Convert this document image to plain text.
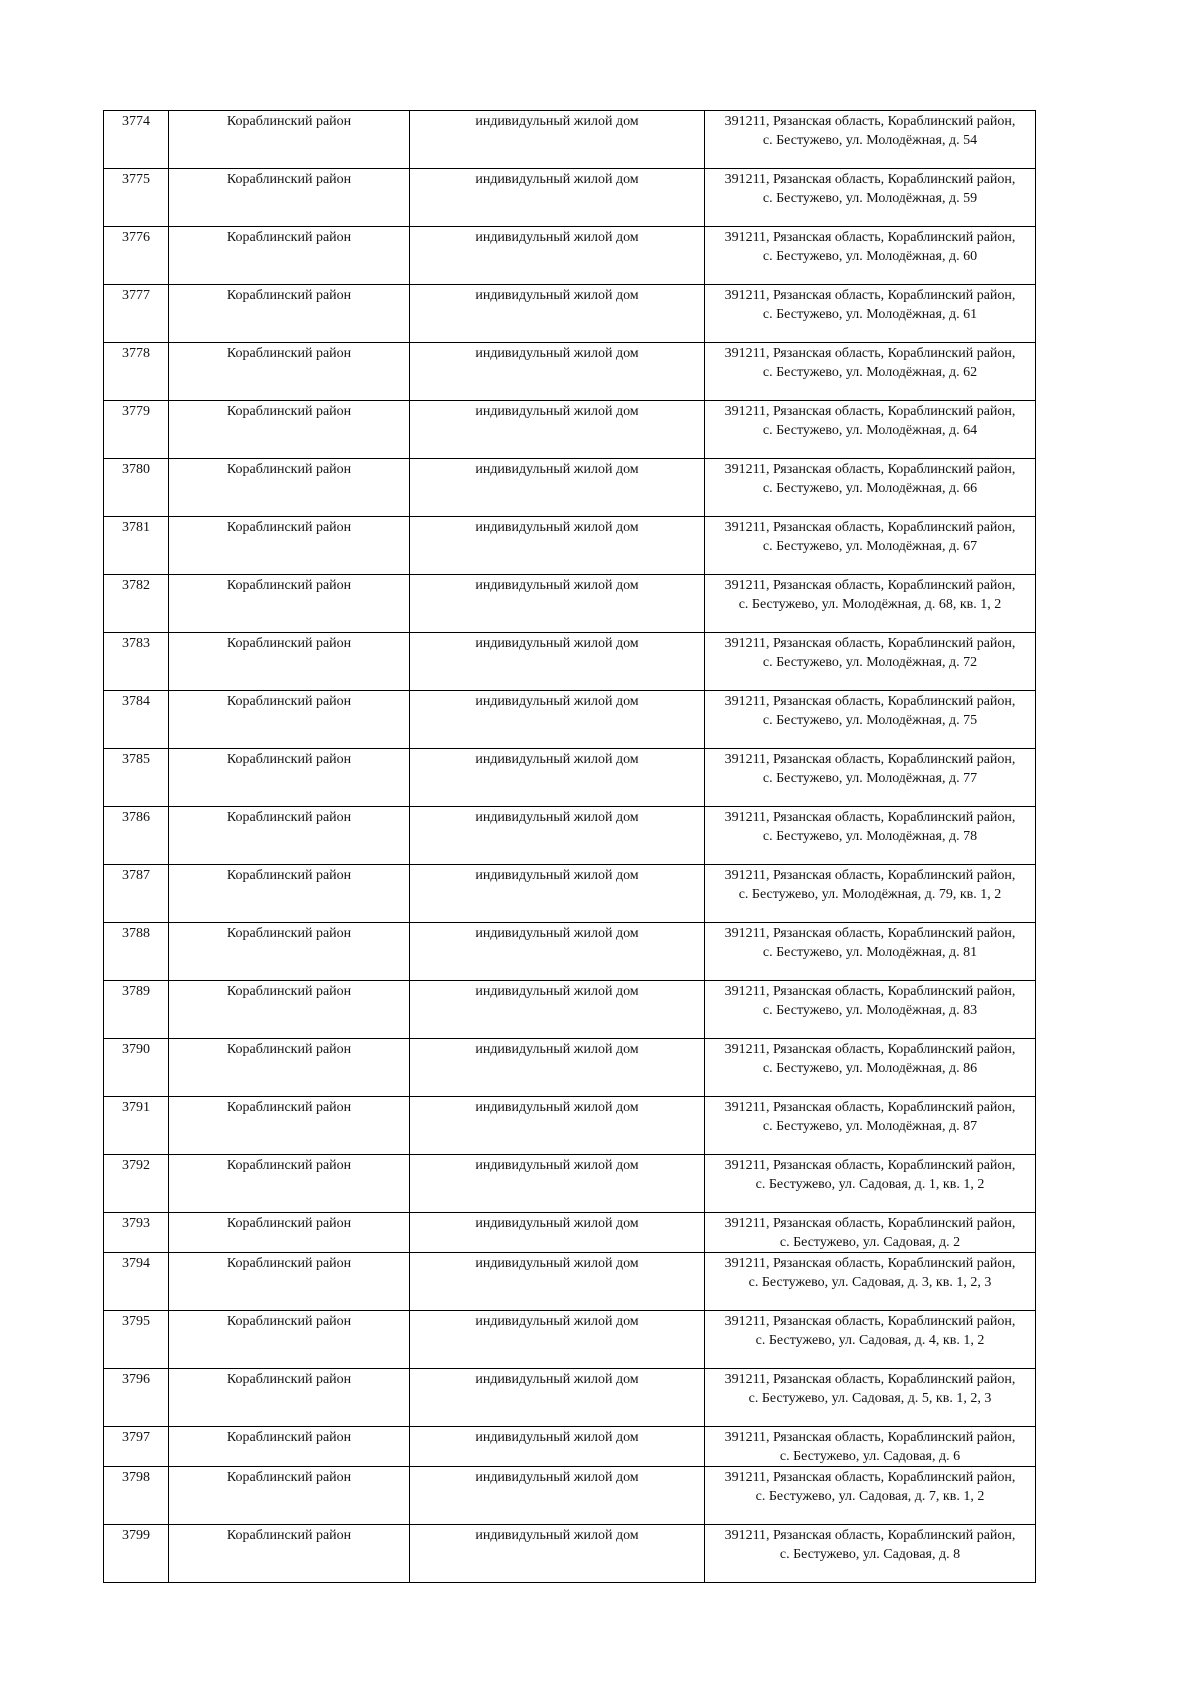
3774	Кораблинский район	индивидульный жилой дом	391211, Рязанская область, Кораблинский район,
с. Бестужево, ул. Молодёжная, д. 54

3775	Кораблинский район	индивидульный жилой дом	391211, Рязанская область, Кораблинский район,
с. Бестужево, ул. Молодёжная, д. 59

3776	Кораблинский район	индивидульный жилой дом	391211, Рязанская область, Кораблинский район,
с. Бестужево, ул. Молодёжная, д. 60

3777	Кораблинский район	индивидульный жилой дом	391211, Рязанская область, Кораблинский район,
с. Бестужево, ул. Молодёжная, д. 61

3778	Кораблинский район	индивидульный жилой дом	391211, Рязанская область, Кораблинский район,
с. Бестужево, ул. Молодёжная, д. 62

3779	Кораблинский район	индивидульный жилой дом	391211, Рязанская область, Кораблинский район,
с. Бестужево, ул. Молодёжная, д. 64

3780	Кораблинский район	индивидульный жилой дом	391211, Рязанская область, Кораблинский район,
с. Бестужево, ул. Молодёжная, д. 66

3781	Кораблинский район	индивидульный жилой дом	391211, Рязанская область, Кораблинский район,
с. Бестужево, ул. Молодёжная, д. 67

3782	Кораблинский район	индивидульный жилой дом	391211, Рязанская область, Кораблинский район,
с. Бестужево, ул. Молодёжная, д. 68, кв. 1, 2

3783	Кораблинский район	индивидульный жилой дом	391211, Рязанская область, Кораблинский район,
с. Бестужево, ул. Молодёжная, д. 72

3784	Кораблинский район	индивидульный жилой дом	391211, Рязанская область, Кораблинский район,
с. Бестужево, ул. Молодёжная, д. 75

3785	Кораблинский район	индивидульный жилой дом	391211, Рязанская область, Кораблинский район,
с. Бестужево, ул. Молодёжная, д. 77

3786	Кораблинский район	индивидульный жилой дом	391211, Рязанская область, Кораблинский район,
с. Бестужево, ул. Молодёжная, д. 78

3787	Кораблинский район	индивидульный жилой дом	391211, Рязанская область, Кораблинский район,
с. Бестужево, ул. Молодёжная, д. 79, кв. 1, 2

3788	Кораблинский район	индивидульный жилой дом	391211, Рязанская область, Кораблинский район,
с. Бестужево, ул. Молодёжная, д. 81

3789	Кораблинский район	индивидульный жилой дом	391211, Рязанская область, Кораблинский район,
с. Бестужево, ул. Молодёжная, д. 83

3790	Кораблинский район	индивидульный жилой дом	391211, Рязанская область, Кораблинский район,
с. Бестужево, ул. Молодёжная, д. 86

3791	Кораблинский район	индивидульный жилой дом	391211, Рязанская область, Кораблинский район,
с. Бестужево, ул. Молодёжная, д. 87

3792	Кораблинский район	индивидульный жилой дом	391211, Рязанская область, Кораблинский район,
с. Бестужево, ул. Садовая, д. 1, кв. 1, 2

3793	Кораблинский район	индивидульный жилой дом	391211, Рязанская область, Кораблинский район,
с. Бестужево, ул. Садовая, д. 2

3794	Кораблинский район	индивидульный жилой дом	391211, Рязанская область, Кораблинский район,
с. Бестужево, ул. Садовая, д. 3, кв. 1, 2, 3

3795	Кораблинский район	индивидульный жилой дом	391211, Рязанская область, Кораблинский район,
с. Бестужево, ул. Садовая, д. 4, кв. 1, 2

3796	Кораблинский район	индивидульный жилой дом	391211, Рязанская область, Кораблинский район,
с. Бестужево, ул. Садовая, д. 5, кв. 1, 2, 3

3797	Кораблинский район	индивидульный жилой дом	391211, Рязанская область, Кораблинский район,
с. Бестужево, ул. Садовая, д. 6

3798	Кораблинский район	индивидульный жилой дом	391211, Рязанская область, Кораблинский район,
с. Бестужево, ул. Садовая, д. 7, кв. 1, 2

3799	Кораблинский район	индивидульный жилой дом	391211, Рязанская область, Кораблинский район,
с. Бестужево, ул. Садовая, д. 8
